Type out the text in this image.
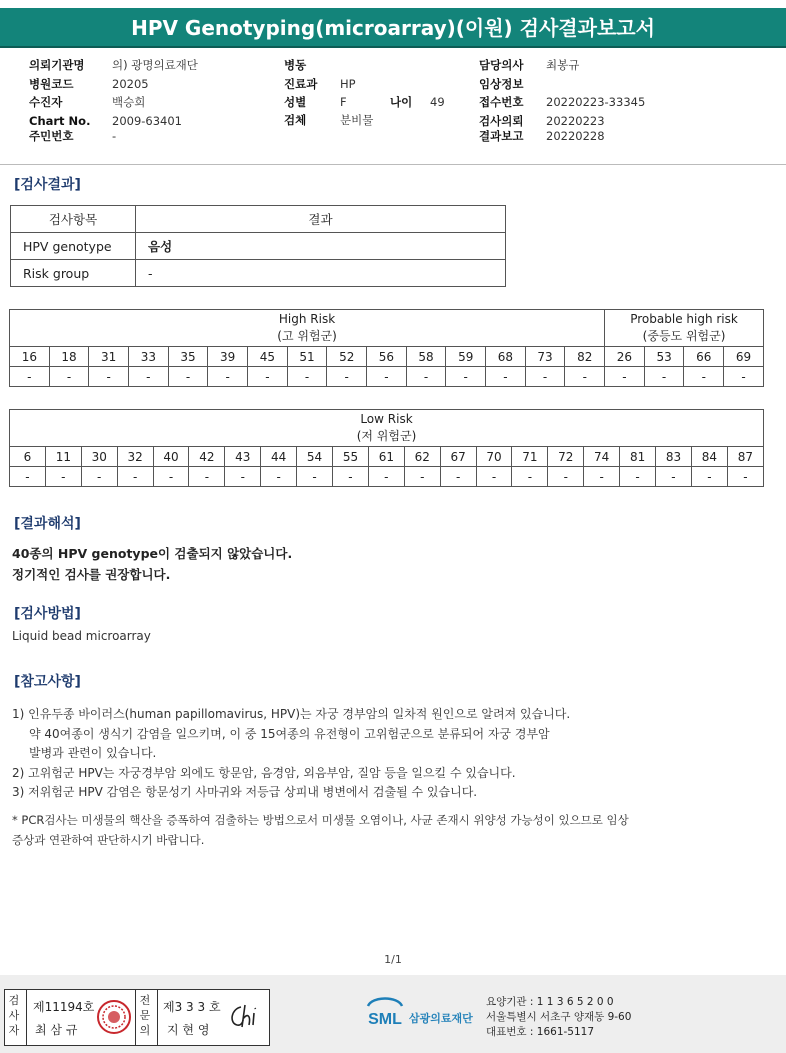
HPV Genotyping(microarray)(이원) 검사결과보고서
의뢰기관명 의) 광명의료재단
병원코드	20205
수진자	백승희
Chart No. 2009-63401
주민번호	-
병동
진료과 HP
성별	F	나이 49
검체	분비물
담당의사 최봉규
임상정보
접수번호 20220223-33345
검사의뢰 20220223
결과보고 20220228
[검사결과]
검사항목	결과
HPV genotype	음성
Risk group	-
High Risk
(고 위험군)															Probable high risk
(중등도 위험군)			
16	18	31	33	35	39	45	51	52	56	58	59	68	73	82	26	53	66	69
-	-	-	-	-	-	-	-	-	-	-	-	-	-	-	-	-	-	-
Low Risk
(저 위험군)																				
6	11	30	32	40	42	43	44	54	55	61	62	67	70	71	72	74	81	83	84	87
-	-	-	-	-	-	-	-	-	-	-	-	-	-	-	-	-	-	-	-	-
[결과해석]
40종의 HPV genotype이 검출되지 않았습니다.
정기적인 검사를 권장합니다.
[검사방법]
Liquid bead microarray
[참고사항]
1) 인유두종 바이러스(human papillomavirus, HPV)는 자궁 경부암의 일차적 원인으로 알려져 있습니다.
약 40여종이 생식기 감염을 일으키며, 이 중 15여종의 유전형이 고위험군으로 분류되어 자궁 경부암
발병과 관련이 있습니다.
2) 고위험군 HPV는 자궁경부암 외에도 항문암, 음경암, 외음부암, 질암 등을 일으킬 수 있습니다.
3) 저위험군 HPV 감염은 항문성기 사마귀와 저등급 상피내 병변에서 검출될 수 있습니다.
* PCR검사는 미생물의 핵산을 증폭하여 검출하는 방법으로서 미생물 오염이나, 사균 존재시 위양성 가능성이 있으므로 임상
증상과 연관하여 판단하시기 바랍니다.
1/1
검사자
제11194호
최 삼 규
전문의
제3 3 3 호
지 현 영
SML 삼광의료재단
요양기관 : 1 1 3 6 5 2 0 0
서울특별시 서초구 양재동 9-60
대표번호 : 1661-5117
